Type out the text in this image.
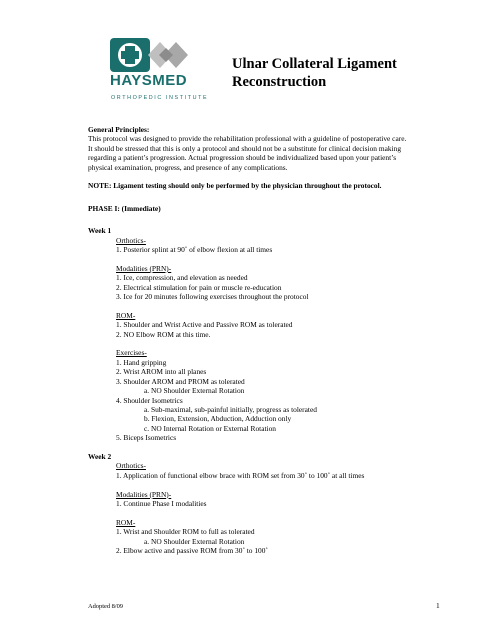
HAYSMED
ORTHOPEDIC INSTITUTE
Ulnar Collateral Ligament
Reconstruction
General Principles:
This protocol was designed to provide the rehabilitation professional with a guideline of postoperative care.
It should be stressed that this is only a protocol and should not be a substitute for clinical decision making
regarding a patient’s progression. Actual progression should be individualized based upon your patient’s
physical examination, progress, and presence of any complications.
NOTE: Ligament testing should only be performed by the physician throughout the protocol.
PHASE I: (Immediate)
Week 1
Orthotics-
1. Posterior splint at 90˚ of elbow flexion at all times
Modalities (PRN)-
1. Ice, compression, and elevation as needed
2. Electrical stimulation for pain or muscle re-education
3. Ice for 20 minutes following exercises throughout the protocol
ROM-
1. Shoulder and Wrist Active and Passive ROM as tolerated
2. NO Elbow ROM at this time.
Exercises-
1. Hand gripping
2. Wrist AROM into all planes
3. Shoulder AROM and PROM as tolerated
a. NO Shoulder External Rotation
4. Shoulder Isometrics
a. Sub-maximal, sub-painful initially, progress as tolerated
b. Flexion, Extension, Abduction, Adduction only
c. NO Internal Rotation or External Rotation
5. Biceps Isometrics
Week 2
Orthotics-
1. Application of functional elbow brace with ROM set from 30˚ to 100˚ at all times
Modalities (PRN)-
1. Continue Phase I modalities
ROM-
1. Wrist and Shoulder ROM to full as tolerated
a. NO Shoulder External Rotation
2. Elbow active and passive ROM from 30˚ to 100˚
Adopted 8/09	1
